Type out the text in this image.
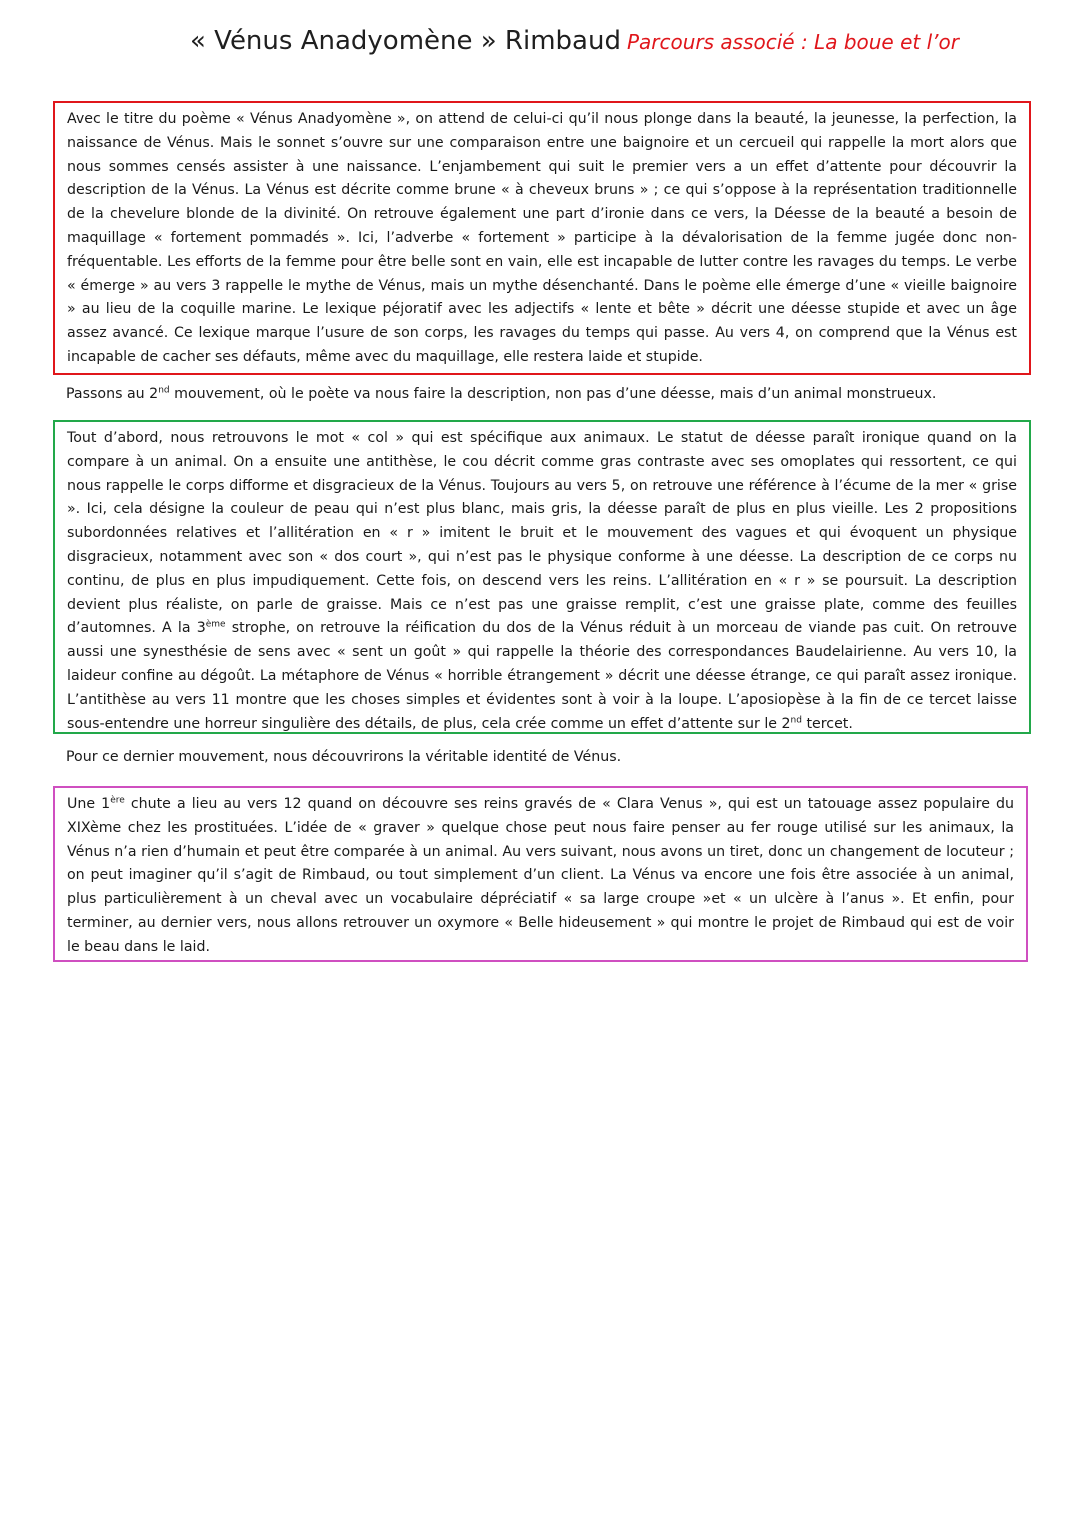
« Vénus Anadyomène » Rimbaud Parcours associé : La boue et l’or

Avec le titre du poème « Vénus Anadyomène », on attend de celui-ci qu’il nous plonge dans la beauté, la jeunesse, la perfection, la naissance de Vénus. Mais le sonnet s’ouvre sur une comparaison entre une baignoire et un cercueil qui rappelle la mort alors que nous sommes censés assister à une naissance. L’enjambement qui suit le premier vers a un effet d’attente pour découvrir la description de la Vénus. La Vénus est décrite comme brune « à cheveux bruns » ; ce qui s’oppose à la représentation traditionnelle de la chevelure blonde de la divinité. On retrouve également une part d’ironie dans ce vers, la Déesse de la beauté a besoin de maquillage « fortement pommadés ». Ici, l’adverbe « fortement » participe à la dévalorisation de la femme jugée donc non-fréquentable. Les efforts de la femme pour être belle sont en vain, elle est incapable de lutter contre les ravages du temps. Le verbe « émerge » au vers 3 rappelle le mythe de Vénus, mais un mythe désenchanté. Dans le poème elle émerge d’une « vieille baignoire » au lieu de la coquille marine. Le lexique péjoratif avec les adjectifs « lente et bête » décrit une déesse stupide et avec un âge assez avancé. Ce lexique marque l’usure de son corps, les ravages du temps qui passe. Au vers 4, on comprend que la Vénus est incapable de cacher ses défauts, même avec du maquillage, elle restera laide et stupide.

Passons au 2nd mouvement, où le poète va nous faire la description, non pas d’une déesse, mais d’un animal monstrueux.

Tout d’abord, nous retrouvons le mot « col » qui est spécifique aux animaux. Le statut de déesse paraît ironique quand on la compare à un animal. On a ensuite une antithèse, le cou décrit comme gras contraste avec ses omoplates qui ressortent, ce qui nous rappelle le corps difforme et disgracieux de la Vénus. Toujours au vers 5, on retrouve une référence à l’écume de la mer « grise ». Ici, cela désigne la couleur de peau qui n’est plus blanc, mais gris, la déesse paraît de plus en plus vieille. Les 2 propositions subordonnées relatives et l’allitération en « r » imitent le bruit et le mouvement des vagues et qui évoquent un physique disgracieux, notamment avec son « dos court », qui n’est pas le physique conforme à une déesse. La description de ce corps nu continu, de plus en plus impudiquement. Cette fois, on descend vers les reins. L’allitération en « r » se poursuit. La description devient plus réaliste, on parle de graisse. Mais ce n’est pas une graisse remplit, c’est une graisse plate, comme des feuilles d’automnes. A la 3ème strophe, on retrouve la réification du dos de la Vénus réduit à un morceau de viande pas cuit. On retrouve aussi une synesthésie de sens avec « sent un goût » qui rappelle la théorie des correspondances Baudelairienne. Au vers 10, la laideur confine au dégoût. La métaphore de Vénus « horrible étrangement » décrit une déesse étrange, ce qui paraît assez ironique. L’antithèse au vers 11 montre que les choses simples et évidentes sont à voir à la loupe. L’aposiopèse à la fin de ce tercet laisse sous-entendre une horreur singulière des détails, de plus, cela crée comme un effet d’attente sur le 2nd tercet.

Pour ce dernier mouvement, nous découvrirons la véritable identité de Vénus.

Une 1ère chute a lieu au vers 12 quand on découvre ses reins gravés de « Clara Venus », qui est un tatouage assez populaire du XIXème chez les prostituées. L’idée de « graver » quelque chose peut nous faire penser au fer rouge utilisé sur les animaux, la Vénus n’a rien d’humain et peut être comparée à un animal. Au vers suivant, nous avons un tiret, donc un changement de locuteur ; on peut imaginer qu’il s’agit de Rimbaud, ou tout simplement d’un client. La Vénus va encore une fois être associée à un animal, plus particulièrement à un cheval avec un vocabulaire dépréciatif « sa large croupe »et « un ulcère à l’anus ». Et enfin, pour terminer, au dernier vers, nous allons retrouver un oxymore « Belle hideusement » qui montre le projet de Rimbaud qui est de voir le beau dans le laid.
